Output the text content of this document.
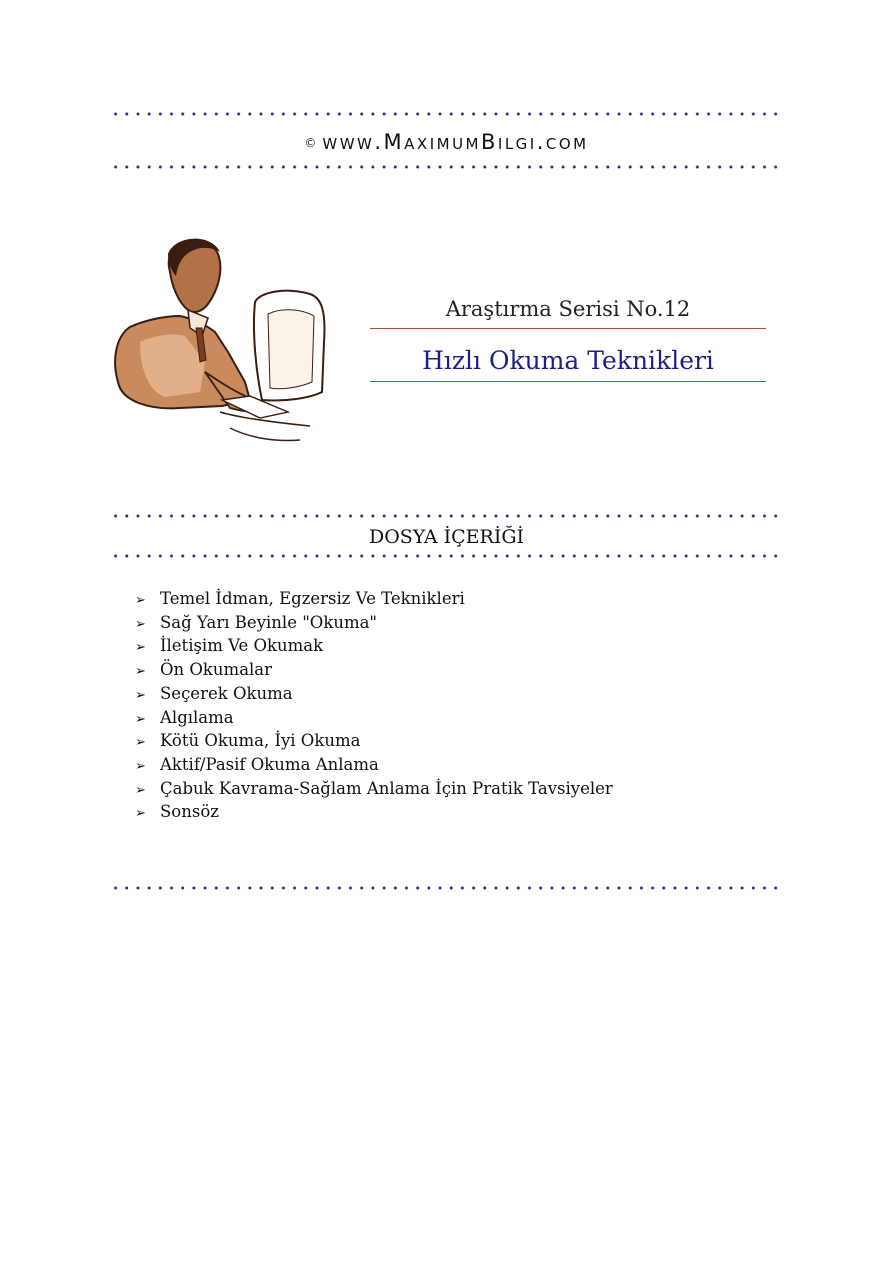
© www.MaximumBilgi.com
Araştırma Serisi No.12
Hızlı Okuma Teknikleri
DOSYA İÇERİĞİ
➢ Temel İdman, Egzersiz Ve Teknikleri
➢ Sağ Yarı Beyinle "Okuma"
➢ İletişim Ve Okumak
➢ Ön Okumalar
➢ Seçerek Okuma
➢ Algılama
➢ Kötü Okuma, İyi Okuma
➢ Aktif/Pasif Okuma Anlama
➢ Çabuk Kavrama-Sağlam Anlama İçin Pratik Tavsiyeler
➢ Sonsöz
